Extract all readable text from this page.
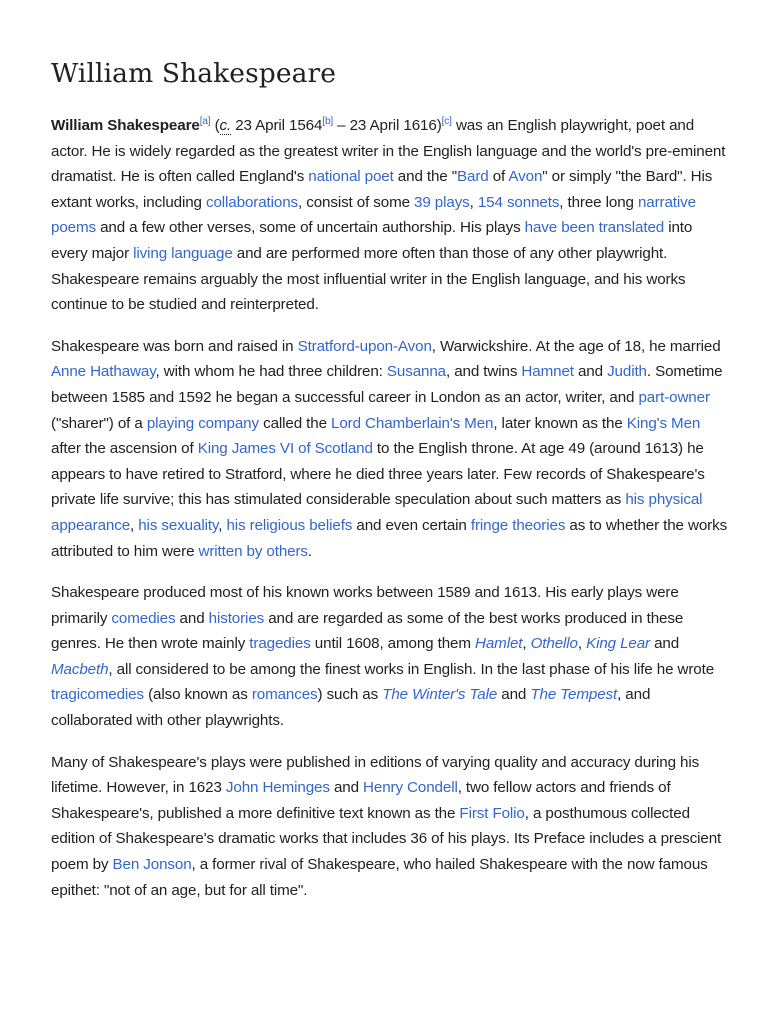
William Shakespeare

William Shakespeare[a] (c. 23 April 1564[b] – 23 April 1616)[c] was an English playwright, poet and actor. He is widely regarded as the greatest writer in the English language and the world's pre-eminent dramatist. He is often called England's national poet and the "Bard of Avon" or simply "the Bard". His extant works, including collaborations, consist of some 39 plays, 154 sonnets, three long narrative poems and a few other verses, some of uncertain authorship. His plays have been translated into every major living language and are performed more often than those of any other playwright. Shakespeare remains arguably the most influential writer in the English language, and his works continue to be studied and reinterpreted.

Shakespeare was born and raised in Stratford-upon-Avon, Warwickshire. At the age of 18, he married Anne Hathaway, with whom he had three children: Susanna, and twins Hamnet and Judith. Sometime between 1585 and 1592 he began a successful career in London as an actor, writer, and part-owner ("sharer") of a playing company called the Lord Chamberlain's Men, later known as the King's Men after the ascension of King James VI of Scotland to the English throne. At age 49 (around 1613) he appears to have retired to Stratford, where he died three years later. Few records of Shakespeare's private life survive; this has stimulated considerable speculation about such matters as his physical appearance, his sexuality, his religious beliefs and even certain fringe theories as to whether the works attributed to him were written by others.

Shakespeare produced most of his known works between 1589 and 1613. His early plays were primarily comedies and histories and are regarded as some of the best works produced in these genres. He then wrote mainly tragedies until 1608, among them Hamlet, Othello, King Lear and Macbeth, all considered to be among the finest works in English. In the last phase of his life he wrote tragicomedies (also known as romances) such as The Winter's Tale and The Tempest, and collaborated with other playwrights.

Many of Shakespeare's plays were published in editions of varying quality and accuracy during his lifetime. However, in 1623 John Heminges and Henry Condell, two fellow actors and friends of Shakespeare's, published a more definitive text known as the First Folio, a posthumous collected edition of Shakespeare's dramatic works that includes 36 of his plays. Its Preface includes a prescient poem by Ben Jonson, a former rival of Shakespeare, who hailed Shakespeare with the now famous epithet: "not of an age, but for all time".
